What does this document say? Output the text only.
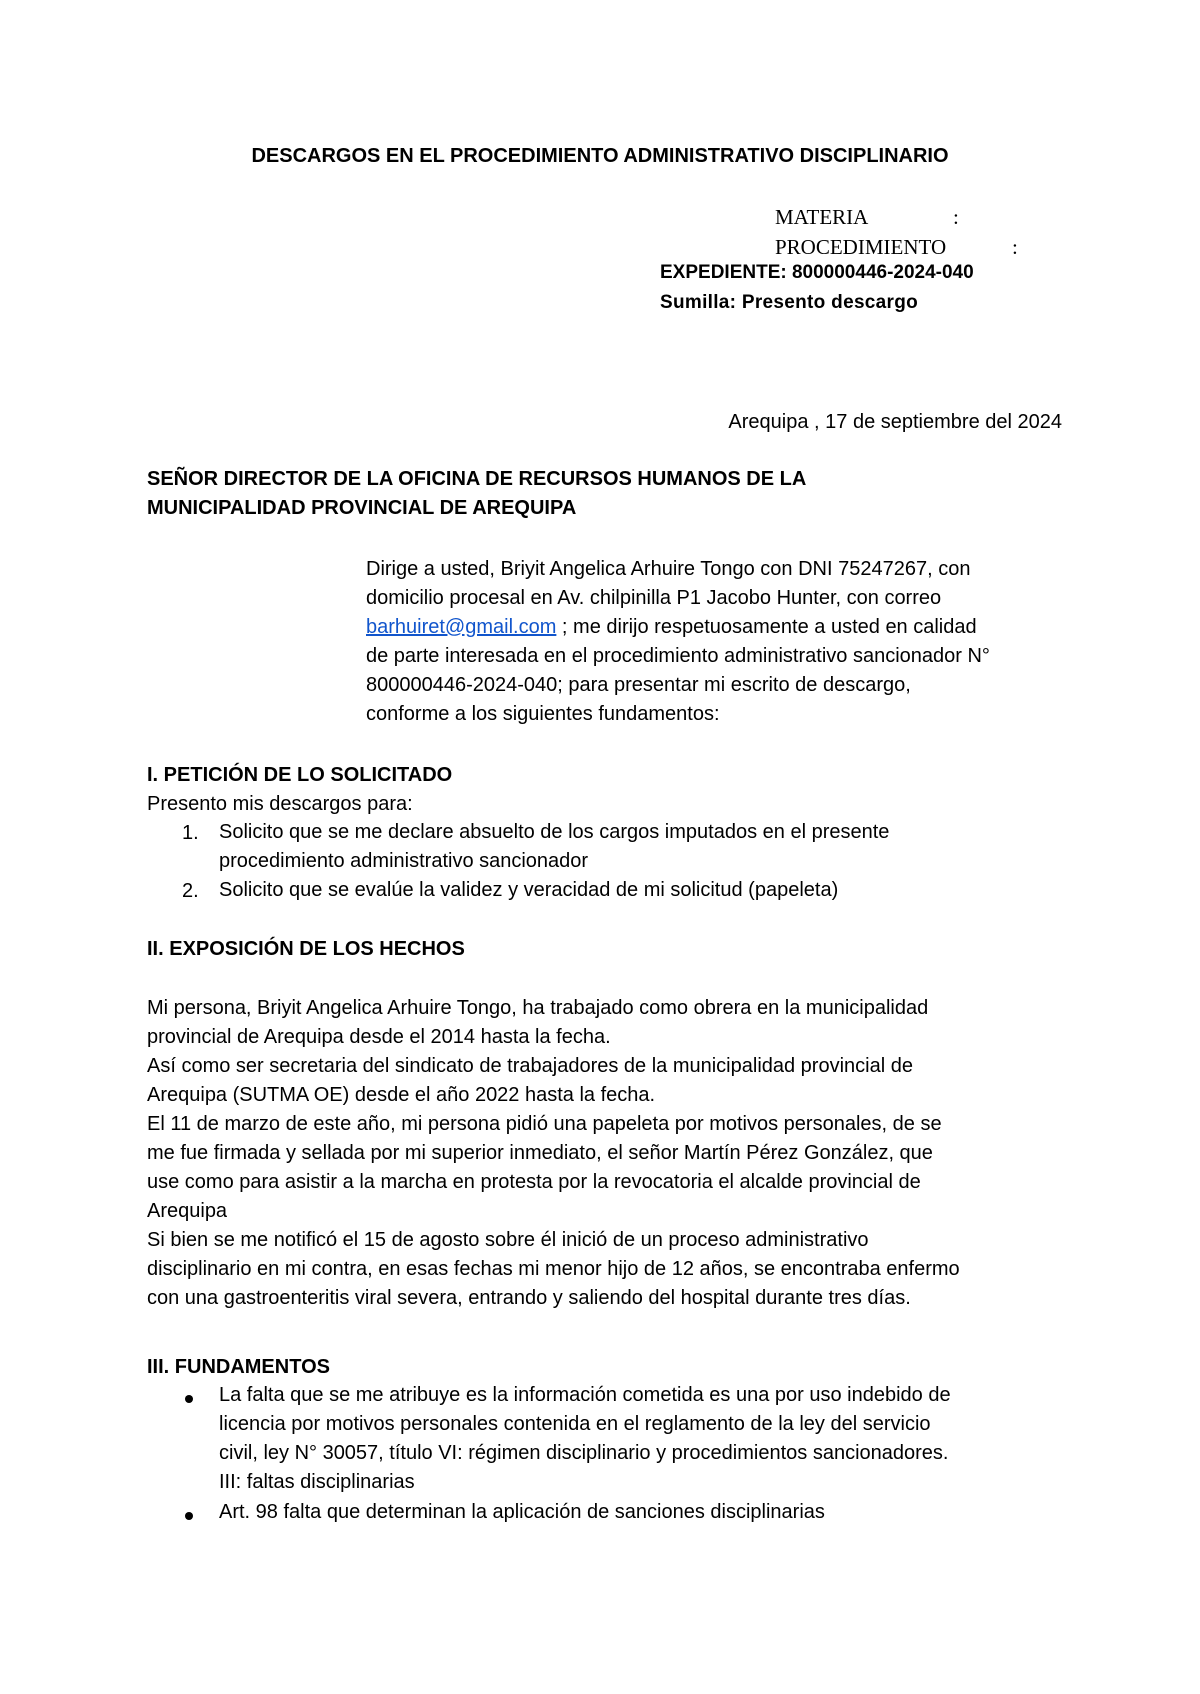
DESCARGOS EN EL PROCEDIMIENTO ADMINISTRATIVO DISCIPLINARIO
MATERIA	:
PROCEDIMIENTO	:
EXPEDIENTE: 800000446-2024-040
Sumilla: Presento descargo
Arequipa , 17 de septiembre del 2024
SEÑOR DIRECTOR DE LA OFICINA DE RECURSOS HUMANOS DE LA
MUNICIPALIDAD PROVINCIAL DE AREQUIPA
Dirige a usted, Briyit Angelica Arhuire Tongo con DNI 75247267, con
domicilio procesal en Av. chilpinilla P1 Jacobo Hunter, con correo
barhuiret@gmail.com ; me dirijo respetuosamente a usted en calidad
de parte interesada en el procedimiento administrativo sancionador N°
800000446-2024-040; para presentar mi escrito de descargo,
conforme a los siguientes fundamentos:
I. PETICIÓN DE LO SOLICITADO
Presento mis descargos para:
1. Solicito que se me declare absuelto de los cargos imputados en el presente
procedimiento administrativo sancionador
2. Solicito que se evalúe la validez y veracidad de mi solicitud (papeleta)
II. EXPOSICIÓN DE LOS HECHOS
Mi persona, Briyit Angelica Arhuire Tongo, ha trabajado como obrera en la municipalidad
provincial de Arequipa desde el 2014 hasta la fecha.
Así como ser secretaria del sindicato de trabajadores de la municipalidad provincial de
Arequipa (SUTMA OE) desde el año 2022 hasta la fecha.
El 11 de marzo de este año, mi persona pidió una papeleta por motivos personales, de se
me fue firmada y sellada por mi superior inmediato, el señor Martín Pérez González, que
use como para asistir a la marcha en protesta por la revocatoria el alcalde provincial de
Arequipa
Si bien se me notificó el 15 de agosto sobre él inició de un proceso administrativo
disciplinario en mi contra, en esas fechas mi menor hijo de 12 años, se encontraba enfermo
con una gastroenteritis viral severa, entrando y saliendo del hospital durante tres días.
III. FUNDAMENTOS
La falta que se me atribuye es la información cometida es una por uso indebido de
licencia por motivos personales contenida en el reglamento de la ley del servicio
civil, ley N° 30057, título VI: régimen disciplinario y procedimientos sancionadores.
III: faltas disciplinarias
Art. 98 falta que determinan la aplicación de sanciones disciplinarias
